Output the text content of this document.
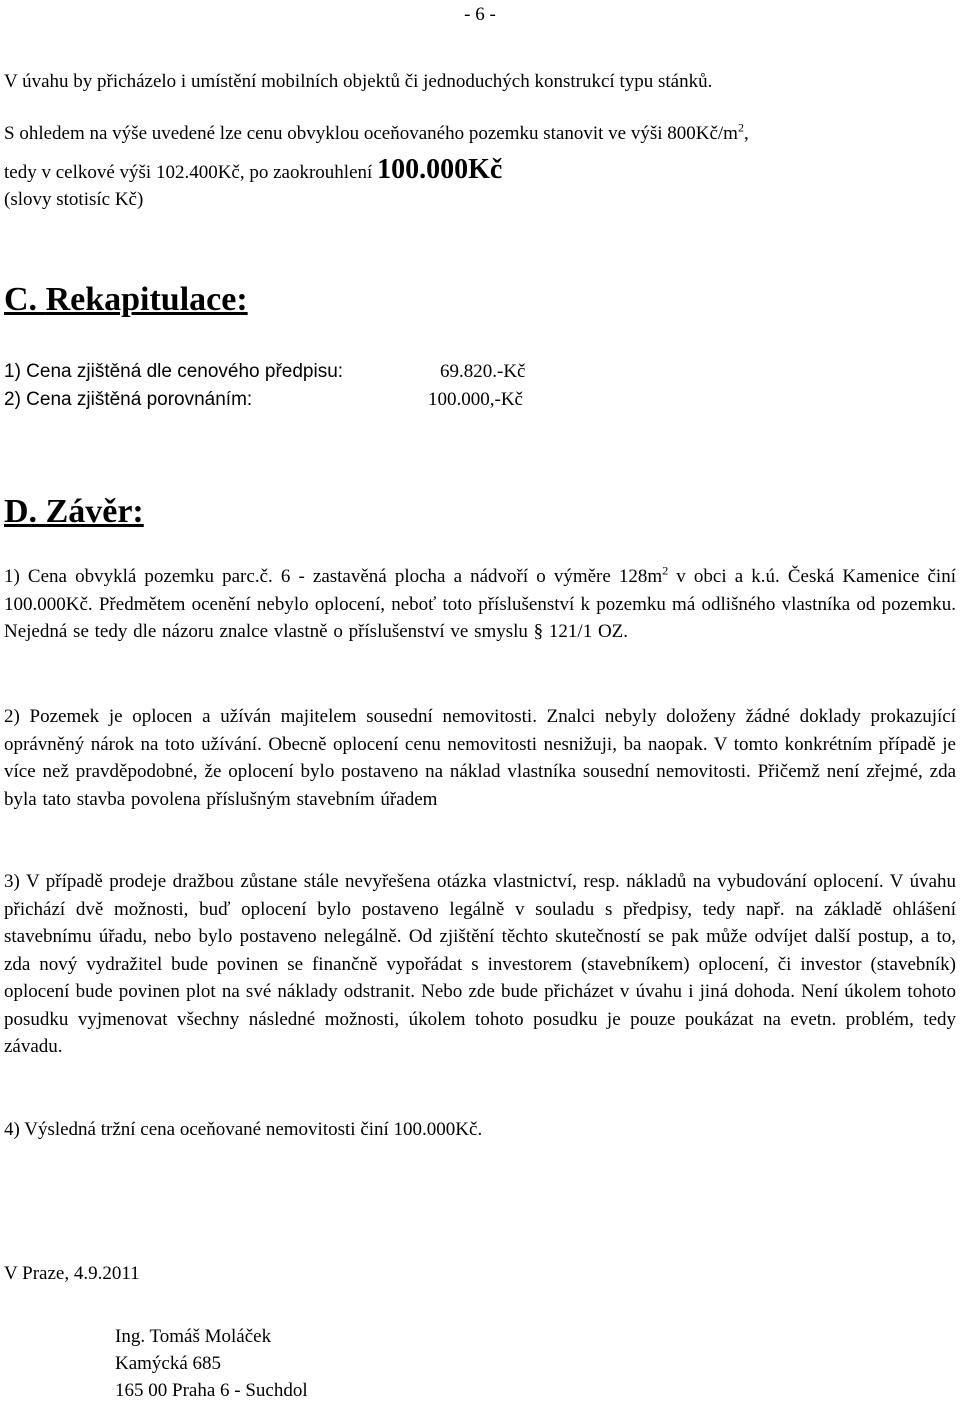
- 6 -
V úvahu by přicházelo i umístění mobilních objektů či jednoduchých konstrukcí typu stánků.
S ohledem na výše uvedené lze cenu obvyklou oceňovaného pozemku stanovit ve výši $800Kč/m^2$,
tedy v celkové výši 102.400Kč, po zaokrouhlení 100.000Kč
(slovy stotisíc Kč)
C. Rekapitulace:
1) Cena zjištěná dle cenového předpisu:	69.820.-Kč
2) Cena zjištěná porovnáním:	100.000,-Kč
D. Závěr:
1) Cena obvyklá pozemku parc.č. 6 - zastavěná plocha a nádvoří o výměre $128m^2$ v obci a k.ú. Česká Kamenice činí 100.000Kč. Předmětem ocenění nebylo oplocení, neboť toto příslušenství k pozemku má odlišného vlastníka od pozemku. Nejedná se tedy dle názoru znalce vlastně o příslušenství ve smyslu § 121/1 OZ.
2) Pozemek je oplocen a užíván majitelem sousední nemovitosti. Znalci nebyly doloženy žádné doklady prokazující oprávněný nárok na toto užívání. Obecně oplocení cenu nemovitosti nesnižuji, ba naopak. V tomto konkrétním případě je více než pravděpodobné, že oplocení bylo postaveno na náklad vlastníka sousední nemovitosti. Přičemž není zřejmé, zda byla tato stavba povolena příslušným stavebním úřadem
3) V případě prodeje dražbou zůstane stále nevyřešena otázka vlastnictví, resp. nákladů na vybudování oplocení. V úvahu přichází dvě možnosti, buď oplocení bylo postaveno legálně v souladu s předpisy, tedy např. na základě ohlášení stavebnímu úřadu, nebo bylo postaveno nelegálně. Od zjištění těchto skutečností se pak může odvíjet další postup, a to, zda nový vydražitel bude povinen se finančně vypořádat s investorem (stavebníkem) oplocení, či investor (stavebník) oplocení bude povinen plot na své náklady odstranit. Nebo zde bude přicházet v úvahu i jiná dohoda. Není úkolem tohoto posudku vyjmenovat všechny následné možnosti, úkolem tohoto posudku je pouze poukázat na evetn. problém, tedy závadu.
4) Výsledná tržní cena oceňované nemovitosti činí 100.000Kč.
V Praze, 4.9.2011
Ing. Tomáš Moláček
Kamýcká 685
165 00 Praha 6 - Suchdol
